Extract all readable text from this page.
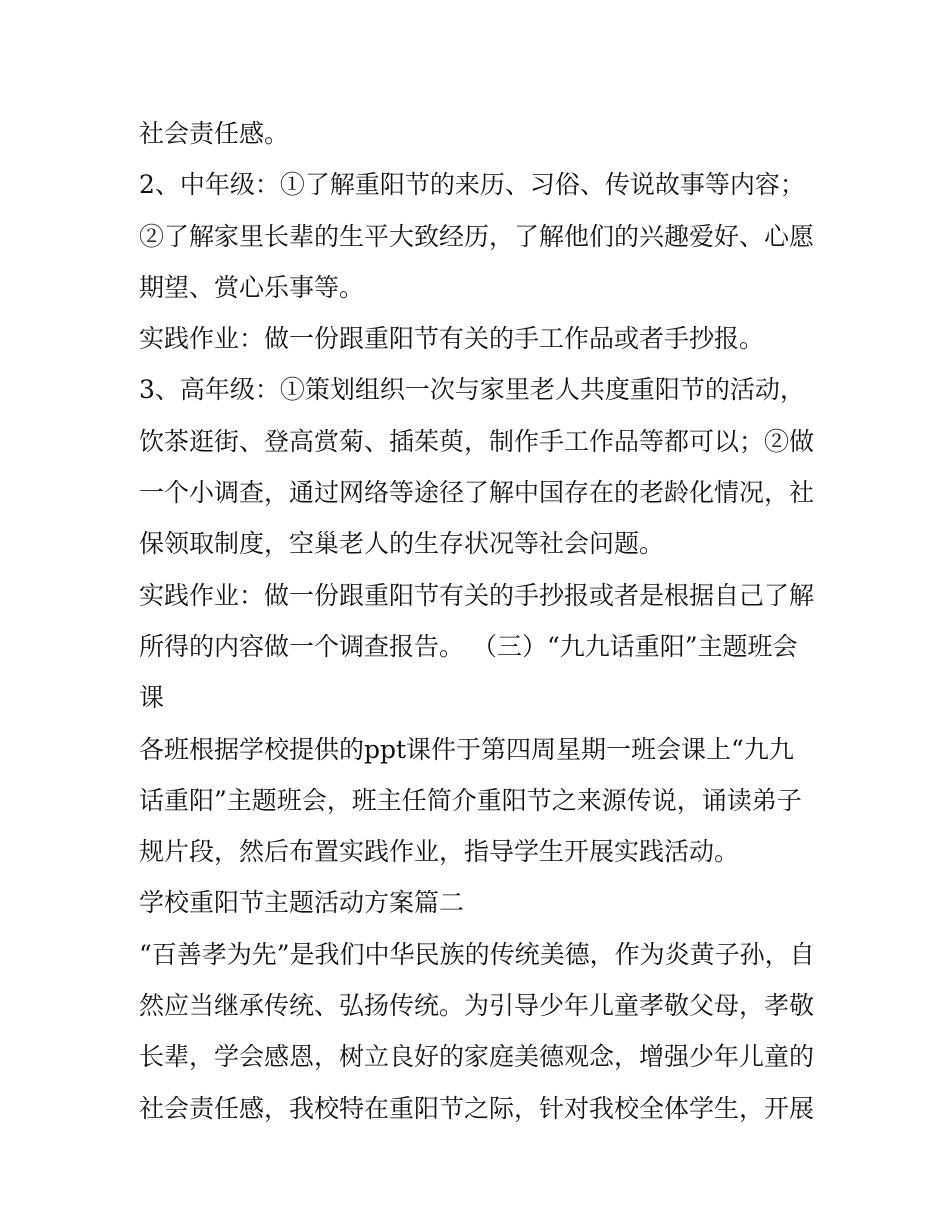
社会责任感。
2、中年级：①了解重阳节的来历、习俗、传说故事等内容；
②了解家里长辈的生平大致经历，了解他们的兴趣爱好、心愿
期望、赏心乐事等。
实践作业：做一份跟重阳节有关的手工作品或者手抄报。
3、高年级：①策划组织一次与家里老人共度重阳节的活动，
饮茶逛街、登高赏菊、插茱萸，制作手工作品等都可以；②做
一个小调查，通过网络等途径了解中国存在的老龄化情况，社
保领取制度，空巢老人的生存状况等社会问题。
实践作业：做一份跟重阳节有关的手抄报或者是根据自己了解
所得的内容做一个调查报告。 （三）“九九话重阳”主题班会
课
各班根据学校提供的ppt课件于第四周星期一班会课上“九九
话重阳”主题班会，班主任简介重阳节之来源传说，诵读弟子
规片段，然后布置实践作业，指导学生开展实践活动。
学校重阳节主题活动方案篇二
“百善孝为先”是我们中华民族的传统美德，作为炎黄子孙，自
然应当继承传统、弘扬传统。为引导少年儿童孝敬父母，孝敬
长辈，学会感恩，树立良好的家庭美德观念，增强少年儿童的
社会责任感，我校特在重阳节之际，针对我校全体学生，开展
